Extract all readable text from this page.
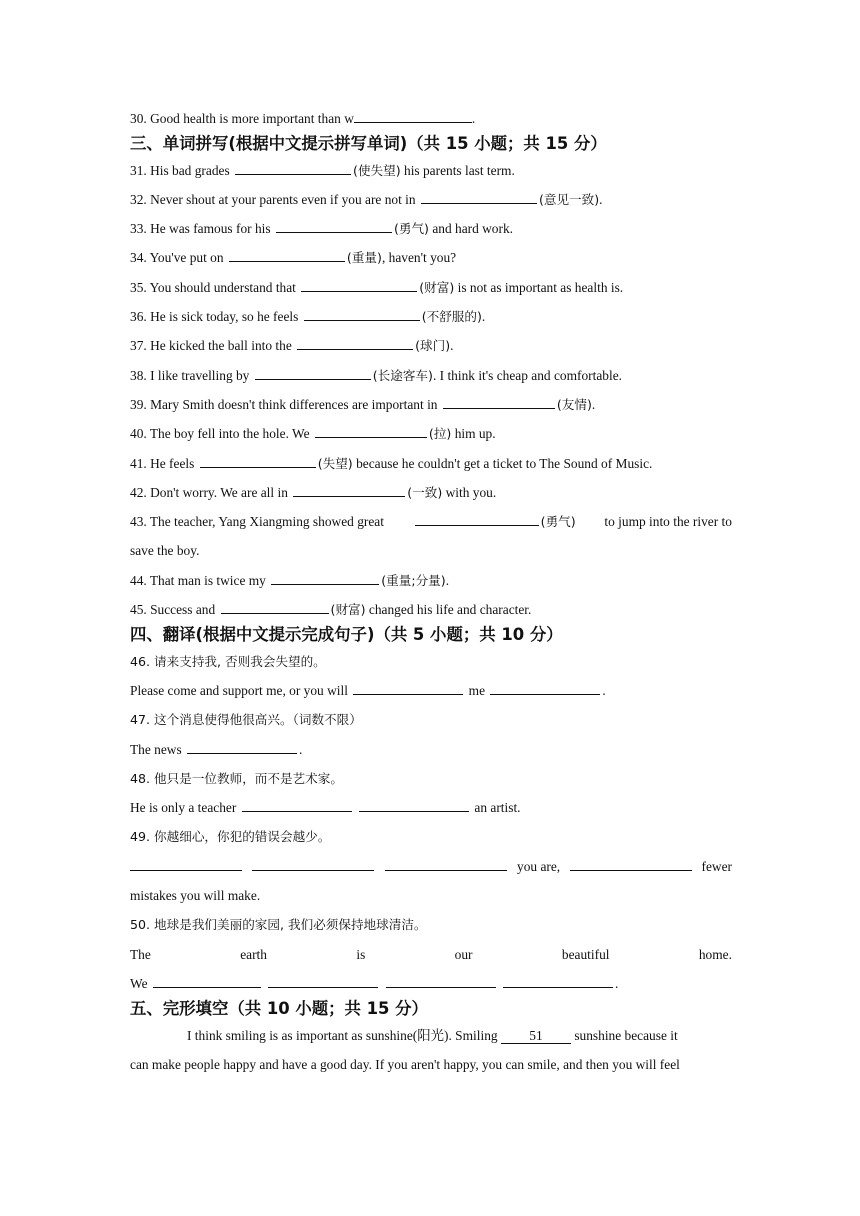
30. Good health is more important than w	.
三、单词拼写(根据中文提示拼写单词)（共 15 小题；共 15 分）
31. His bad grades	(使失望) his parents last term.
32. Never shout at your parents even if you are not in	(意见一致).
33. He was famous for his	(勇气) and hard work.
34. You've put on	(重量), haven't you?
35. You should understand that	(财富) is not as important as health is.
36. He is sick today, so he feels	(不舒服的).
37. He kicked the ball into the	(球门).
38. I like travelling by	(长途客车). I think it's cheap and comfortable.
39. Mary Smith doesn't think differences are important in	(友情).
40. The boy fell into the hole. We	(拉) him up.
41. He feels	(失望) because he couldn't get a ticket to The Sound of Music.
42. Don't worry. We are all in	(一致) with you.
43. The teacher, Yang Xiangming showed great	(勇气) to jump into the river to
save the boy.
44. That man is twice my	(重量;分量).
45. Success and	(财富) changed his life and character.
四、翻译(根据中文提示完成句子)（共 5 小题；共 10 分）
46. 请来支持我, 否则我会失望的。
Please come and support me, or you will	me	.
47. 这个消息使得他很高兴。（词数不限）
The news	.
48. 他只是一位教师，而不是艺术家。
He is only a teacher	an artist.
49. 你越细心，你犯的错误会越少。
you are,	fewer
mistakes you will make.
50. 地球是我们美丽的家园, 我们必须保持地球清洁。
The	earth	is	our	beautiful	home.
We	.
五、完形填空（共 10 小题；共 15 分）
I think smiling is as important as sunshine(阳光). Smiling 51 sunshine because it
can make people happy and have a good day. If you aren't happy, you can smile, and then you will feel
